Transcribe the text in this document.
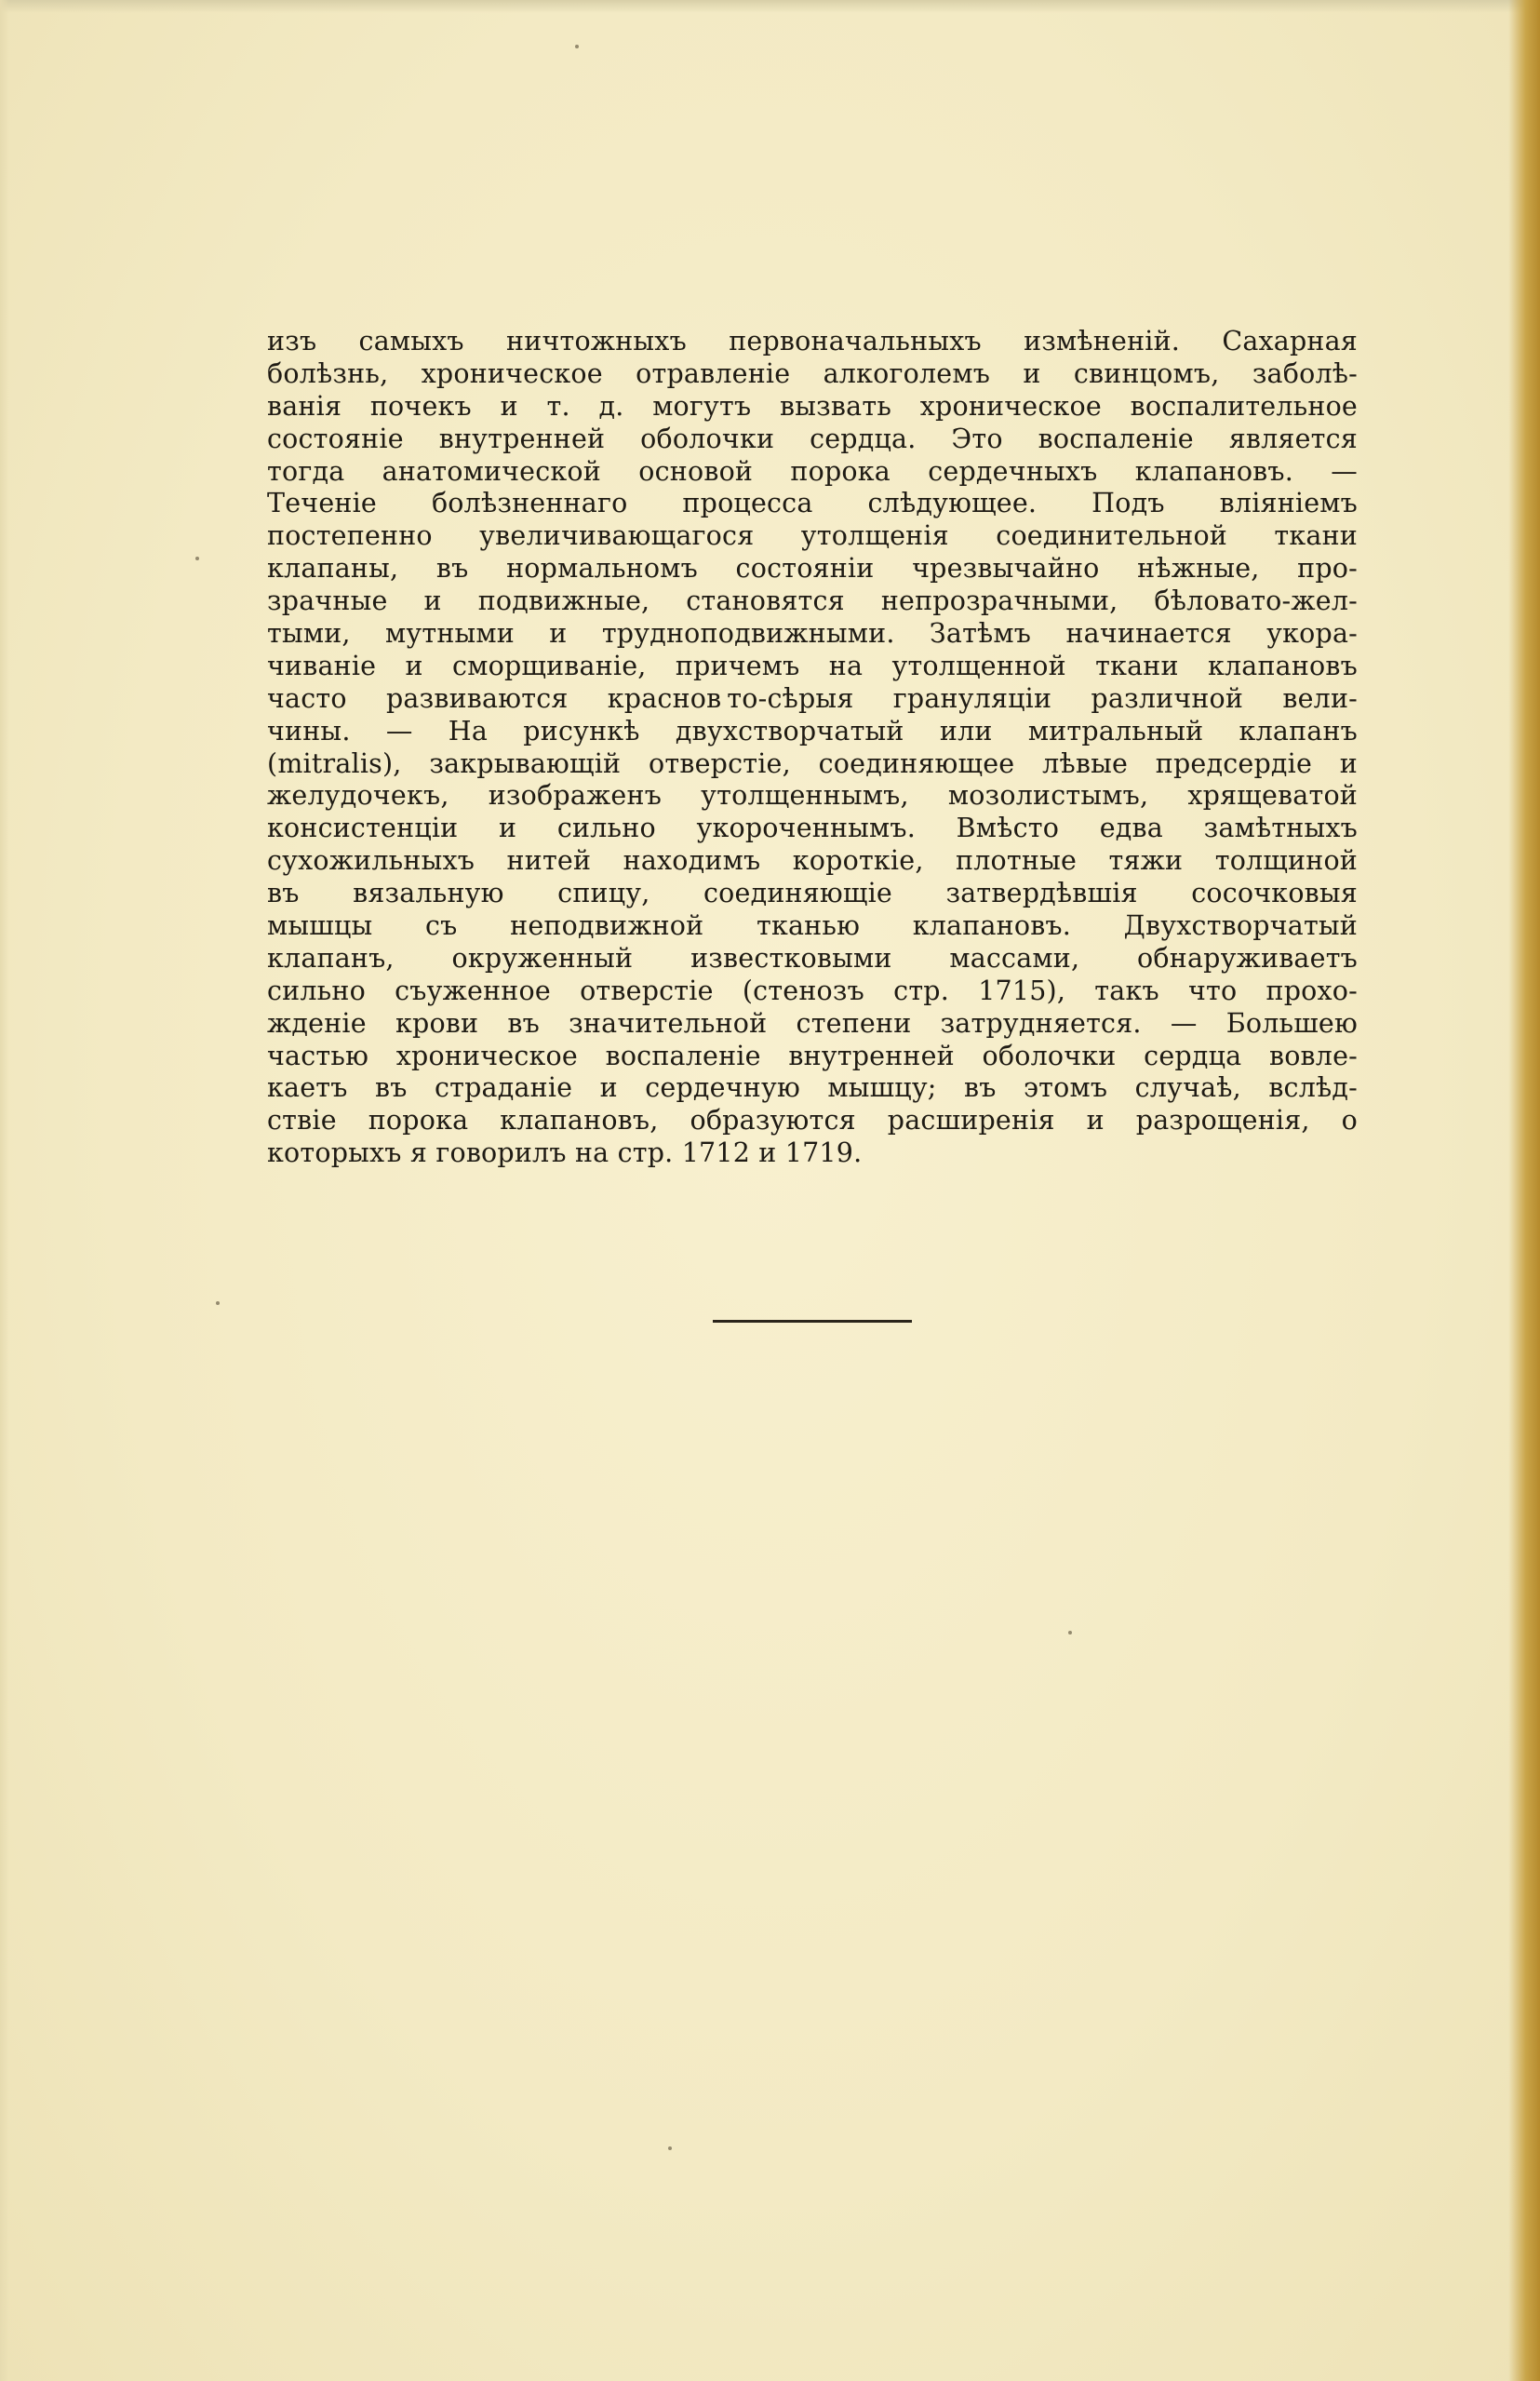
изъ самыхъ ничтожныхъ первоначальныхъ измѣненій. Сахарная
болѣзнь, хроническое отравленіе алкоголемъ и свинцомъ, заболѣ-
ванія почекъ и т. д. могутъ вызвать хроническое воспалительное
состояніе внутренней оболочки сердца. Это воспаленіе является
тогда анатомической основой порока сердечныхъ клапановъ. —
Теченіе болѣзненнаго процесса слѣдующее. Подъ вліяніемъ
постепенно увеличивающагося утолщенія соединительной ткани
клапаны, въ нормальномъ состояніи чрезвычайно нѣжные, про-
зрачные и подвижные, становятся непрозрачными, бѣловато-жел-
тыми, мутными и трудноподвижными. Затѣмъ начинается укора-
чиваніе и сморщиваніе, причемъ на утолщенной ткани клапановъ
часто развиваются краснов то-сѣрыя грануляціи различной вели-
чины. — На рисункѣ двухстворчатый или митральный клапанъ
(mitralis), закрывающій отверстіе, соединяющее лѣвые предсердіе и
желудочекъ, изображенъ утолщеннымъ, мозолистымъ, хрящеватой
консистенціи и сильно укороченнымъ. Вмѣсто едва замѣтныхъ
сухожильныхъ нитей находимъ короткіе, плотные тяжи толщиной
въ вязальную спицу, соединяющіе затвердѣвшія сосочковыя
мышцы съ неподвижной тканью клапановъ. Двухстворчатый
клапанъ, окруженный известковыми массами, обнаруживаетъ
сильно съуженное отверстіе (стенозъ стр. 1715), такъ что прохо-
жденіе крови въ значительной степени затрудняется. — Большею
частью хроническое воспаленіе внутренней оболочки сердца вовле-
каетъ въ страданіе и сердечную мышцу; въ этомъ случаѣ, вслѣд-
ствіе порока клапановъ, образуются расширенія и разрощенія, о
которыхъ я говорилъ на стр. 1712 и 1719.
